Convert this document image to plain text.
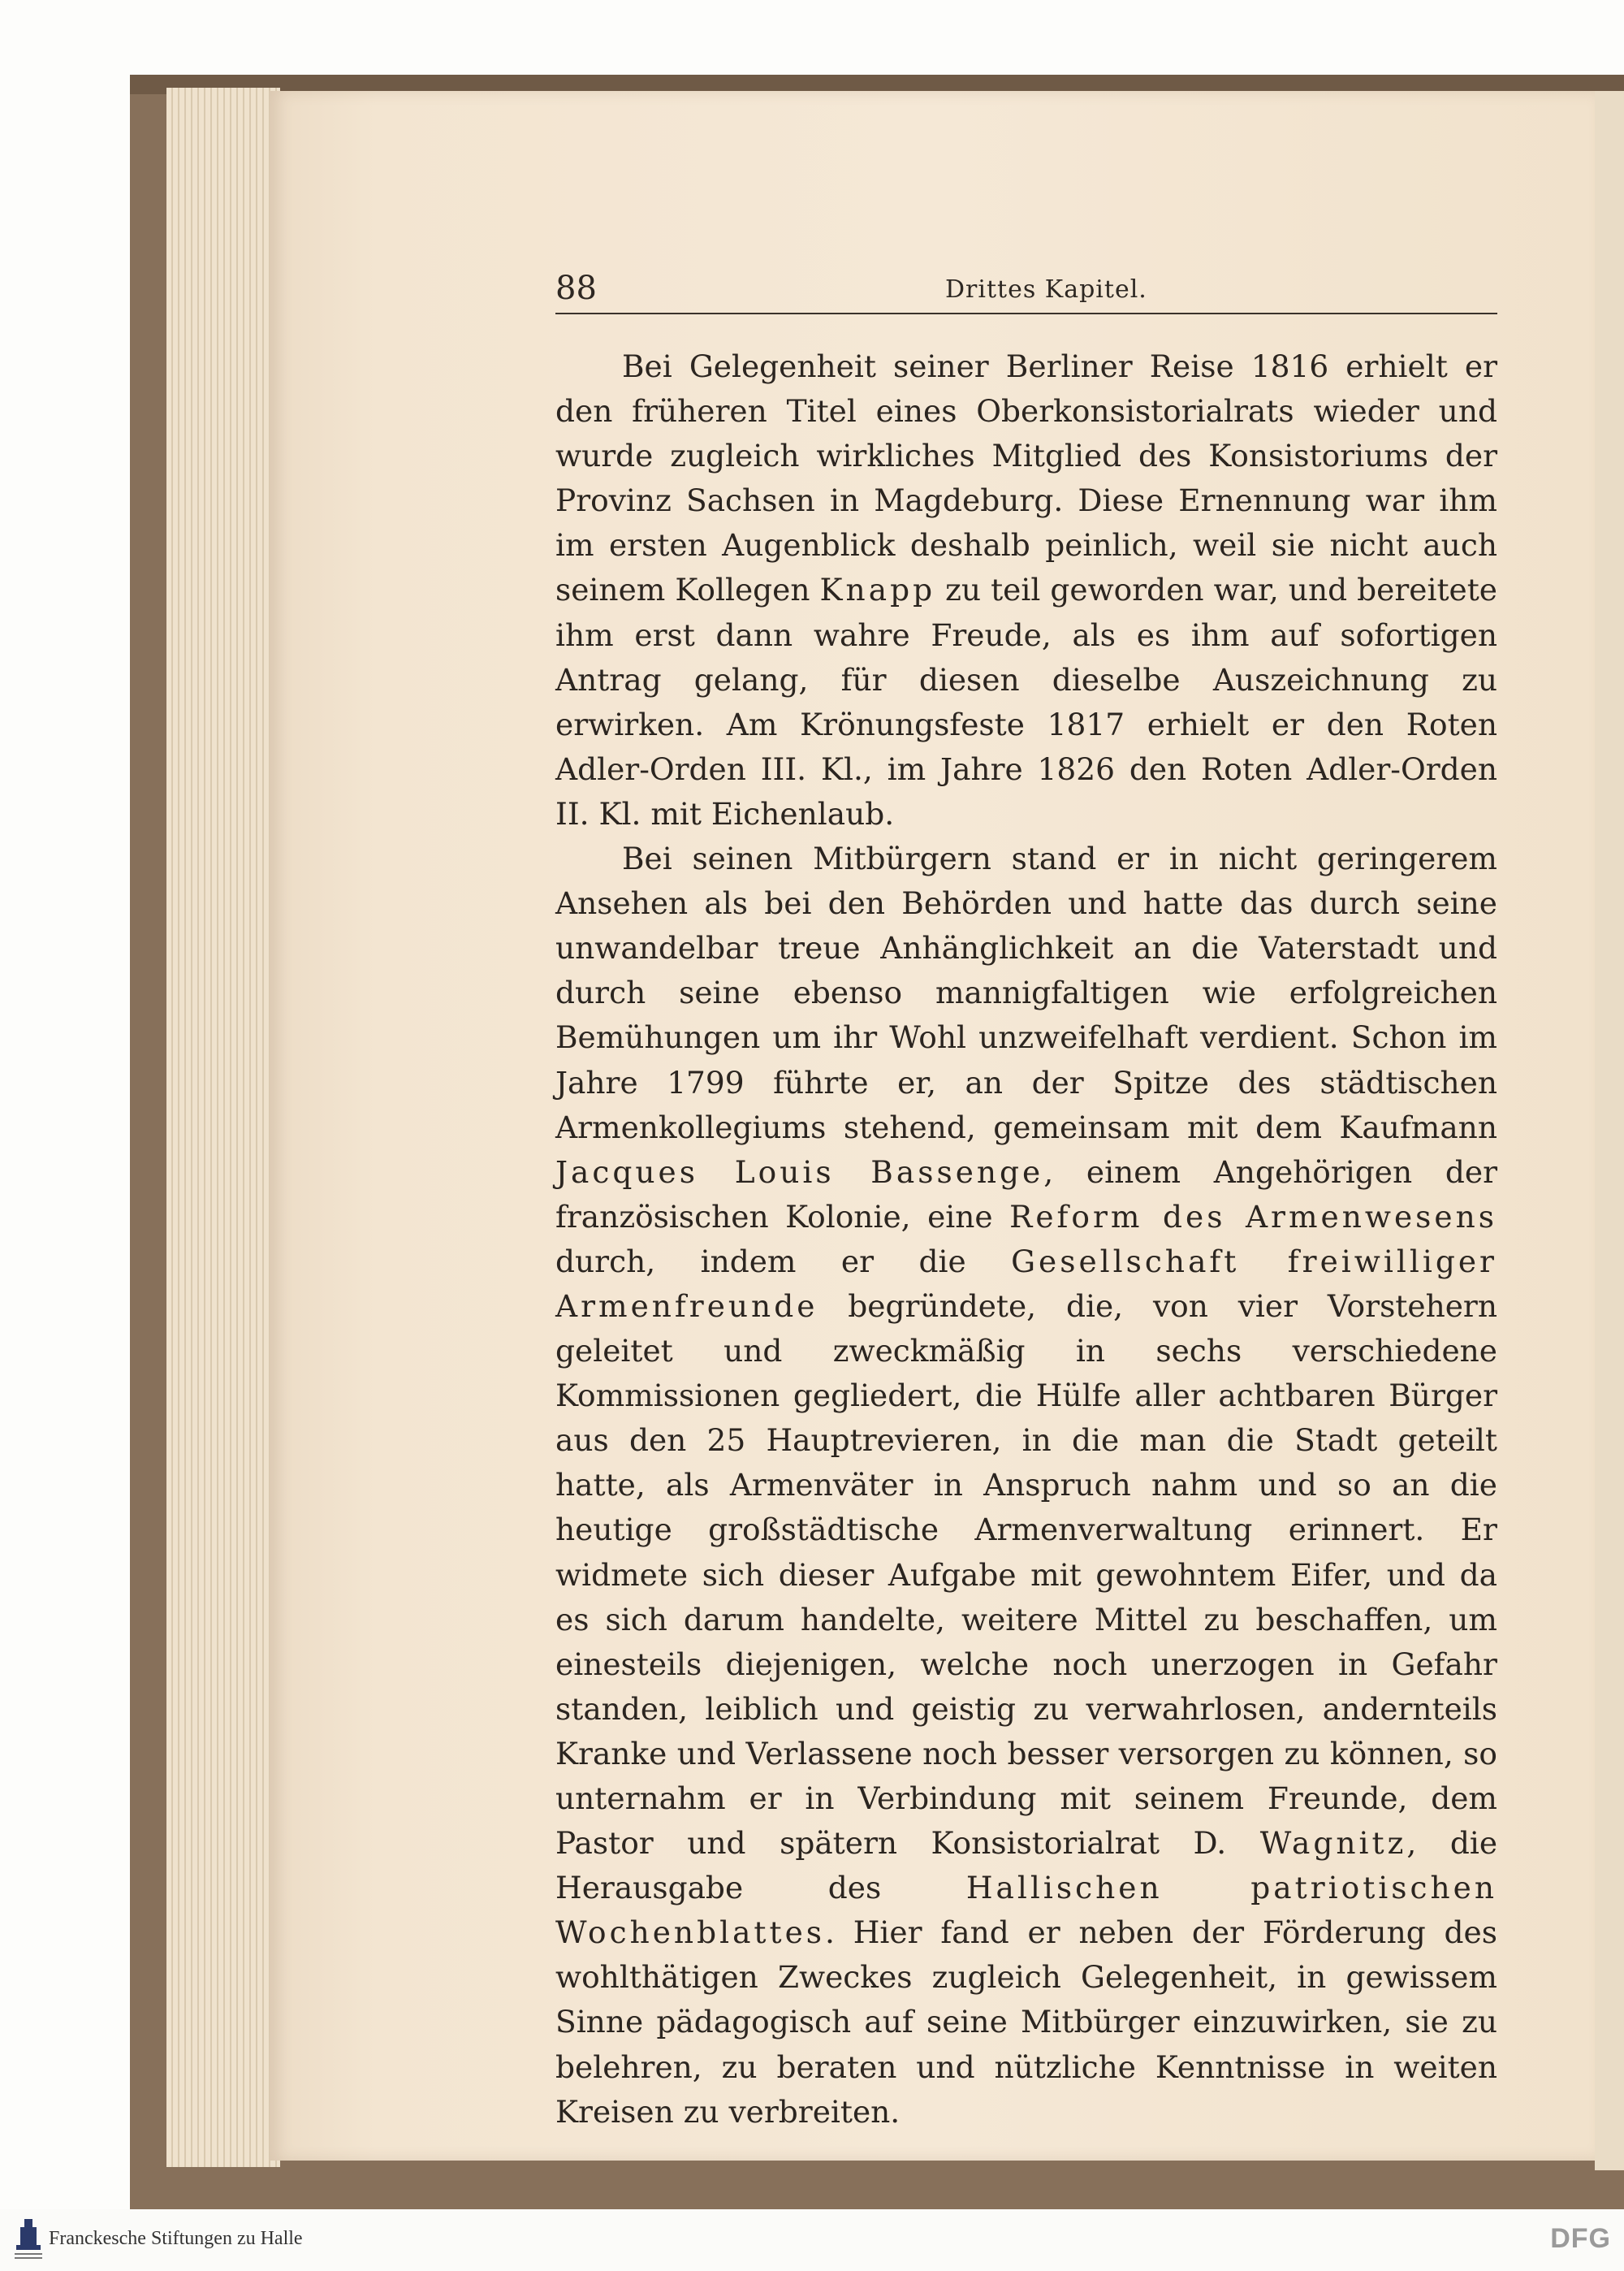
88	Drittes Kapitel.

Bei Gelegenheit seiner Berliner Reise 1816 erhielt er den früheren Titel eines Oberkonsistorialrats wieder und wurde zugleich wirkliches Mitglied des Konsistoriums der Provinz Sachsen in Magdeburg. Diese Ernennung war ihm im ersten Augenblick deshalb peinlich, weil sie nicht auch seinem Kollegen Knapp zu teil geworden war, und bereitete ihm erst dann wahre Freude, als es ihm auf sofortigen Antrag gelang, für diesen dieselbe Auszeichnung zu erwirken. Am Krönungsfeste 1817 erhielt er den Roten Adler-Orden III. Kl., im Jahre 1826 den Roten Adler-Orden II. Kl. mit Eichenlaub.

Bei seinen Mitbürgern stand er in nicht geringerem Ansehen als bei den Behörden und hatte das durch seine unwandelbar treue Anhänglichkeit an die Vaterstadt und durch seine ebenso mannigfaltigen wie erfolgreichen Bemühungen um ihr Wohl unzweifelhaft verdient. Schon im Jahre 1799 führte er, an der Spitze des städtischen Armenkollegiums stehend, gemeinsam mit dem Kaufmann Jacques Louis Bassenge, einem Angehörigen der französischen Kolonie, eine Reform des Armenwesens durch, indem er die Gesellschaft freiwilliger Armenfreunde begründete, die, von vier Vorstehern geleitet und zweckmäßig in sechs verschiedene Kommissionen gegliedert, die Hülfe aller achtbaren Bürger aus den 25 Hauptrevieren, in die man die Stadt geteilt hatte, als Armenväter in Anspruch nahm und so an die heutige großstädtische Armenverwaltung erinnert. Er widmete sich dieser Aufgabe mit gewohntem Eifer, und da es sich darum handelte, weitere Mittel zu beschaffen, um einesteils diejenigen, welche noch unerzogen in Gefahr standen, leiblich und geistig zu verwahrlosen, andernteils Kranke und Verlassene noch besser versorgen zu können, so unternahm er in Verbindung mit seinem Freunde, dem Pastor und spätern Konsistorialrat D. Wagnitz, die Herausgabe des Hallischen patriotischen Wochenblattes. Hier fand er neben der Förderung des wohlthätigen Zweckes zugleich Gelegenheit, in gewissem Sinne pädagogisch auf seine Mitbürger einzuwirken, sie zu belehren, zu beraten und nützliche Kenntnisse in weiten Kreisen zu verbreiten.

Franckesche Stiftungen zu Halle	DFG
